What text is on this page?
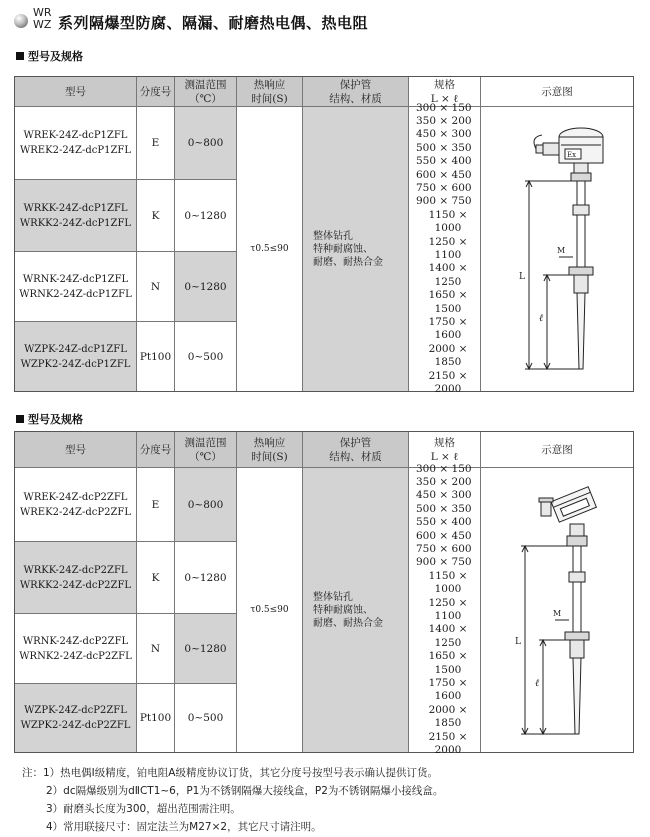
WR
WZ 系列隔爆型防腐、隔漏、耐磨热电偶、热电阻
型号及规格
型号	分度号
测温范围
（℃）
热响应
时间(S)
保护管
结构、材质
规格
L × ℓ
示意图
WREK-24Z-dcP1ZFL
WREK2-24Z-dcP1ZFL
E	0~800
WRKK-24Z-dcP1ZFL
WRKK2-24Z-dcP1ZFL
K 0~1280
WRNK-24Z-dcP1ZFL
WRNK2-24Z-dcP1ZFL
N 0~1280
WZPK-24Z-dcP1ZFL
WZPK2-24Z-dcP1ZFL
Pt100 0~500
τ0.5≤90
整体钻孔
特种耐腐蚀、
耐磨、耐热合金
300 × 150
350 × 200
450 × 300
500 × 350
550 × 400
600 × 450
750 × 600
900 × 750
1150 × 1000
1250 × 1100
1400 × 1250
1650 × 1500
1750 × 1600
2000 × 1850
2150 × 2000
Ex
L
ℓ
M
型号及规格
型号	分度号
测温范围
（℃）
热响应
时间(S)
保护管
结构、材质
规格
L × ℓ
示意图
WREK-24Z-dcP2ZFL
WREK2-24Z-dcP2ZFL
E	0~800
WRKK-24Z-dcP2ZFL
WRKK2-24Z-dcP2ZFL
K 0~1280
WRNK-24Z-dcP2ZFL
WRNK2-24Z-dcP2ZFL
N 0~1280
WZPK-24Z-dcP2ZFL
WZPK2-24Z-dcP2ZFL
Pt100 0~500
τ0.5≤90
整体钻孔
特种耐腐蚀、
耐磨、耐热合金
300 × 150
350 × 200
450 × 300
500 × 350
550 × 400
600 × 450
750 × 600
900 × 750
1150 × 1000
1250 × 1100
1400 × 1250
1650 × 1500
1750 × 1600
2000 × 1850
2150 × 2000
L
ℓ
M
注：1）热电偶Ⅰ级精度，铂电阻A级精度协议订货，其它分度号按型号表示确认提供订货。
2）dc隔爆级别为dⅡCT1~6，P1为不锈钢隔爆大接线盒，P2为不锈钢隔爆小接线盒。
3）耐磨头长度为300，超出范围需注明。
4）常用联接尺寸：固定法兰为M27×2，其它尺寸请注明。
